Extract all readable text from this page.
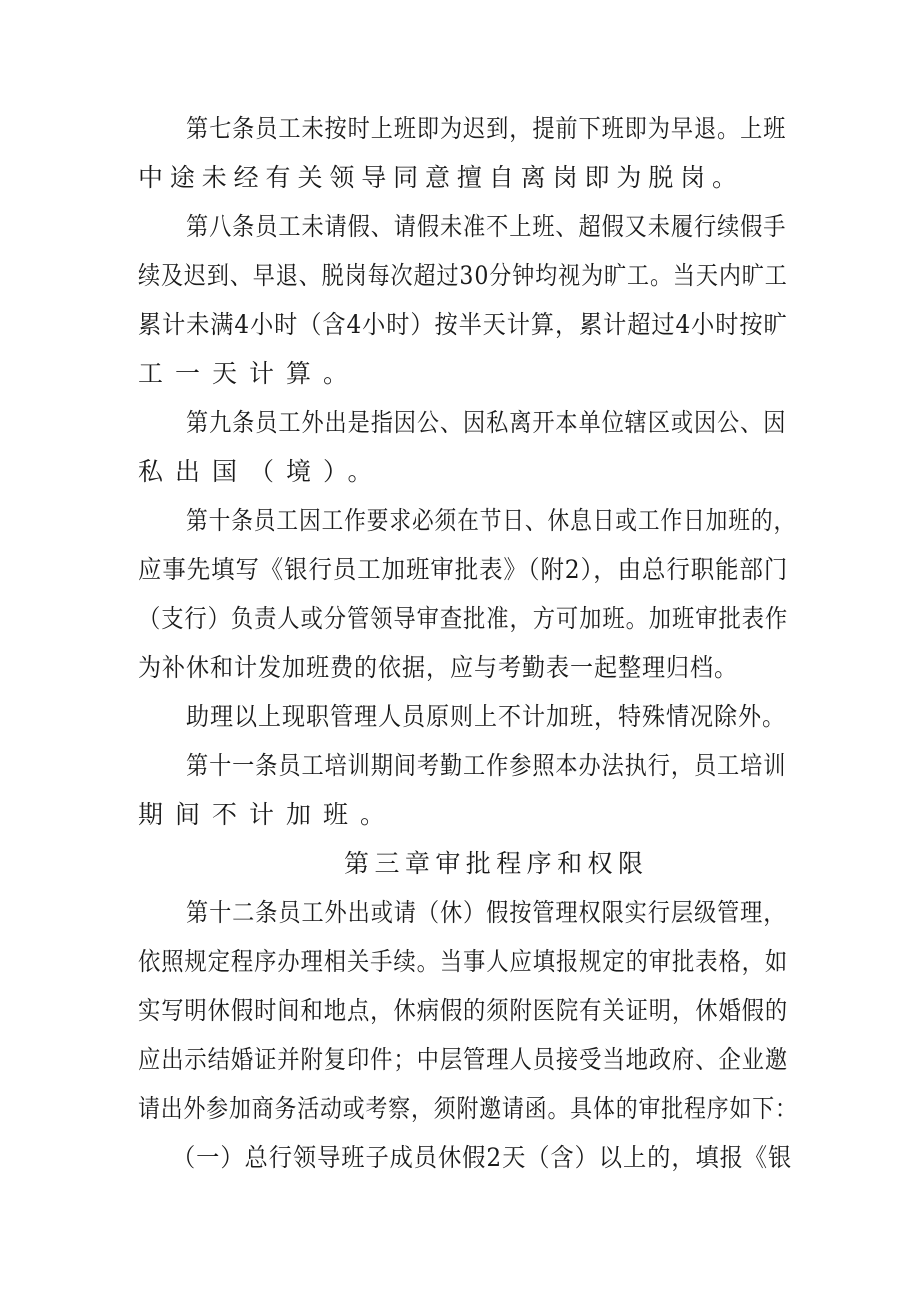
第七条员工未按时上班即为迟到，提前下班即为早退。上班
中途未经有关领导同意擅自离岗即为脱岗。
第八条员工未请假、请假未准不上班、超假又未履行续假手
续及迟到、早退、脱岗每次超过30分钟均视为旷工。当天内旷工
累计未满4小时（含4小时）按半天计算，累计超过4小时按旷
工一天计算。
第九条员工外出是指因公、因私离开本单位辖区或因公、因
私出国（境）。
第十条员工因工作要求必须在节日、休息日或工作日加班的，
应事先填写《银行员工加班审批表》（附2），由总行职能部门
（支行）负责人或分管领导审查批准，方可加班。加班审批表作
为补休和计发加班费的依据，应与考勤表一起整理归档。
助理以上现职管理人员原则上不计加班，特殊情况除外。
第十一条员工培训期间考勤工作参照本办法执行，员工培训
期间不计加班。
第三章审批程序和权限
第十二条员工外出或请（休）假按管理权限实行层级管理，
依照规定程序办理相关手续。当事人应填报规定的审批表格，如
实写明休假时间和地点，休病假的须附医院有关证明，休婚假的
应出示结婚证并附复印件；中层管理人员接受当地政府、企业邀
请出外参加商务活动或考察，须附邀请函。具体的审批程序如下：
（一）总行领导班子成员休假2天（含）以上的，填报《银
